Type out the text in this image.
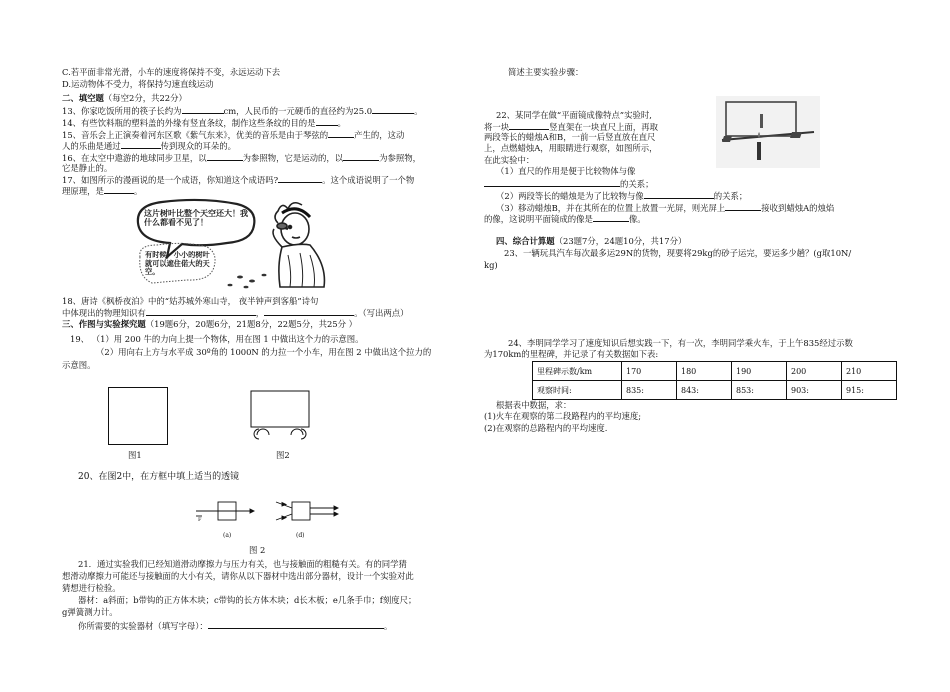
C.若平面非常光滑，小车的速度将保持不变，永远运动下去
D.运动物体不受力，将保持匀速直线运动
二、填空题（每空2分，共22分）
13、你家吃饭所用的筷子长约为	cm，人民币的一元硬币的直径约为25.0	。
14、有些饮料瓶的塑料盖的外缘有竖直条纹，制作这些条纹的目的是	。
15、音乐会上正演奏着河东区歌《紫气东来》，优美的音乐是由于琴弦的	产生的，这动
人的乐曲是通过	传到现众的耳朵的。
16、在太空中遨游的地球同步卫星，以	为参照物，它是运动的，以	为参照物，
它是静止的。
17、如图所示的漫画说的是一个成语，你知道这个成语吗?	。这个成语说明了一个物
理原理，是	。
这片树叶比整个天空还大！我什么都看不见了！
有时候，小小的树叶就可以遮住偌大的天空。
18、唐诗《枫桥夜泊》中的“姑苏城外寒山寺， 夜半钟声到客船”诗句
中体现出的物理知识有	，	。（写出两点）
三、作图与实验探究题（19题6分，20题6分，21题8分，22题5分，共25分 ）
19、 （1）用 200 牛的力向上提一个物体，用在图 1 中做出这个力的示意图。
（2）用向右上方与水平成 30º角的 1000N 的力拉一个小车，用在图 2 中做出这个拉力的
示意图。
图1	图2
20、在图2中，在方框中填上适当的透镜
F
(a)	(d)
图 2
21．通过实验我们已经知道滑动摩擦力与压力有关，也与接触面的粗糙有关。有的同学猜
想滑动摩擦力可能还与接触面的大小有关，请你从以下器材中选出部分器材，设计一个实验对此
猜想进行检验。
器材：a斜面；b带钩的正方体木块；c带钩的长方体木块；d长木板；e几条手巾；f刻度尺；
g弹簧测力计。
你所需要的实验器材（填写字母）：	。
简述主要实验步骤：
22、某同学在做“平面镜成像特点”实验时,
将一块	竖直架在一块直尺上面，再取
两段等长的蜡烛A和B，一前一后竖直放在直尺
上，点燃蜡烛A，用眼睛进行观察，如图所示，
在此实验中：
（1）直尺的作用是便于比较物体与像
的关系；
（2）两段等长的蜡烛是为了比较物与像	的关系；
（3）移动蜡烛B，并在其所在的位置上放置一光屏，则光屏上	接收到蜡烛A的烛焰
的像，这说明平面镜成的像是	像。
四、综合计算题（23题7分，24题10分，共17分）
23、一辆玩具汽车每次最多运29N的货物，现要将29kg的砂子运完，要运多少趟？(g取10N/
kg)
24、李明同学学习了速度知识后想实践一下，有一次，李明同学乘火车，于上午835经过示数
为170km的里程碑，并记录了有关数据如下表:
里程碑示数/km	170	180	190	200	210
观察时间:	835:	843:	853:	903:	915:
根据表中数据，求：
(1)火车在观察的第二段路程内的平均速度;
(2)在观察的总路程内的平均速度.
